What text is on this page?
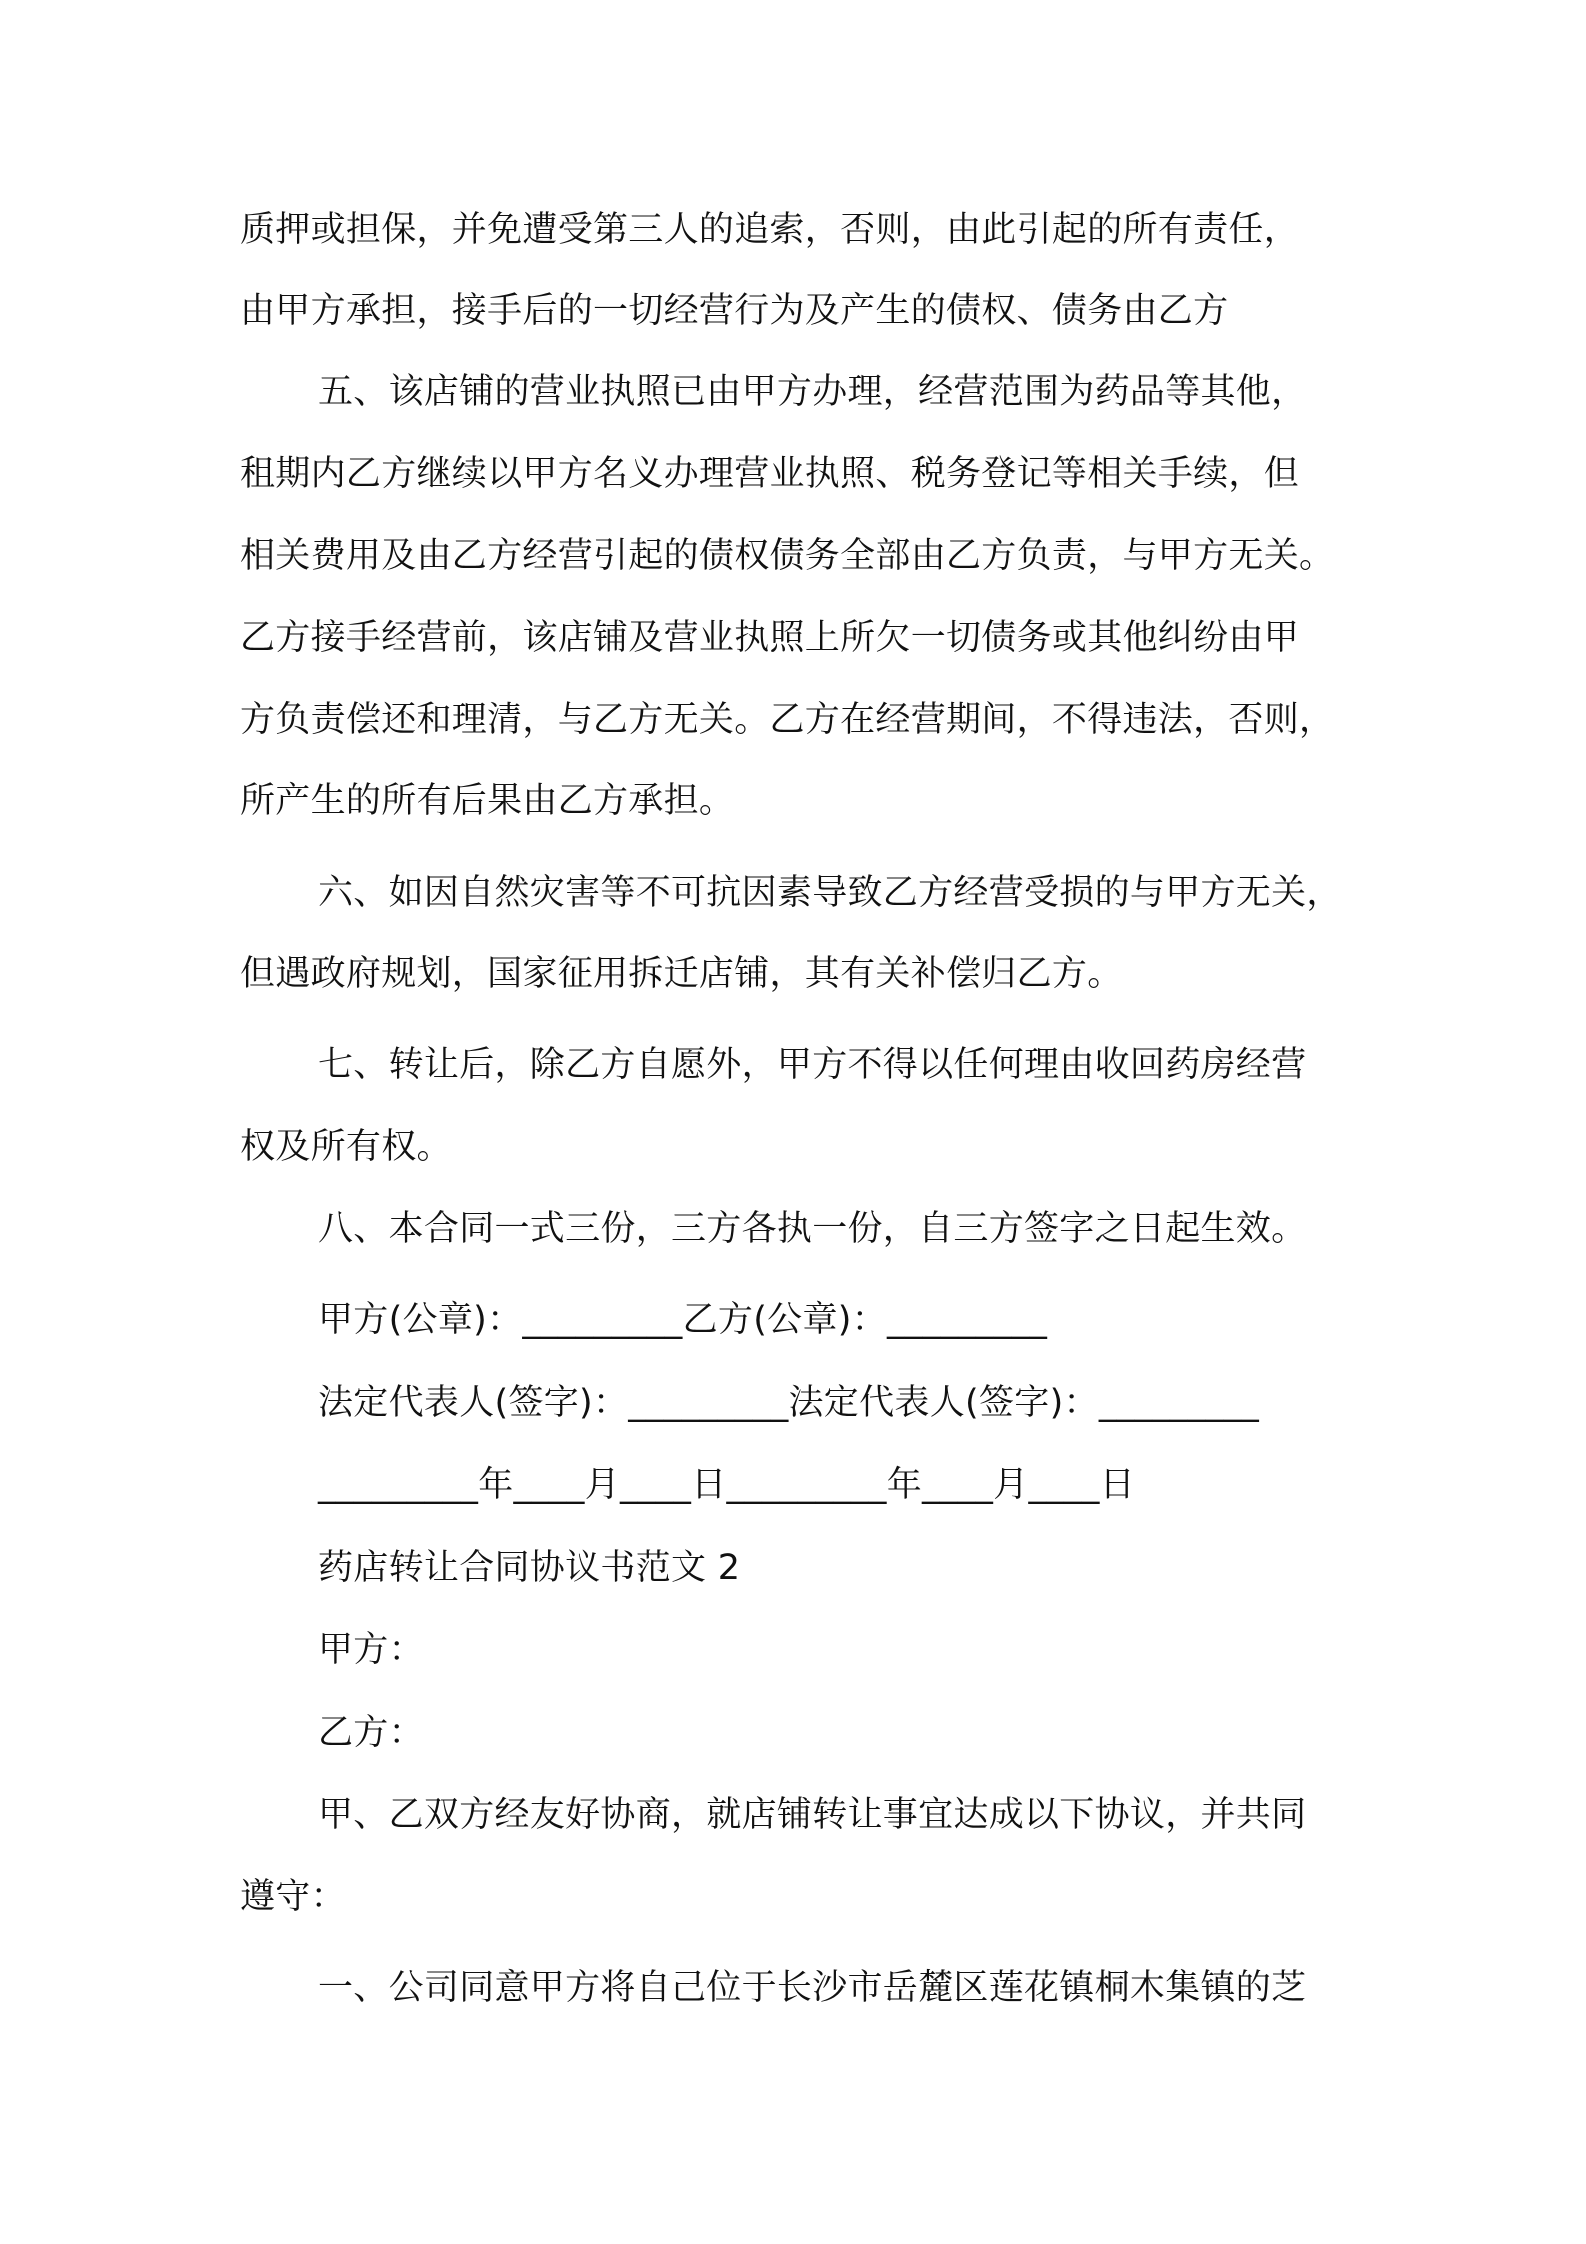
质押或担保，并免遭受第三人的追索，否则，由此引起的所有责任，
由甲方承担，接手后的一切经营行为及产生的债权、债务由乙方
五、该店铺的营业执照已由甲方办理，经营范围为药品等其他，
租期内乙方继续以甲方名义办理营业执照、税务登记等相关手续，但
相关费用及由乙方经营引起的债权债务全部由乙方负责，与甲方无关。
乙方接手经营前，该店铺及营业执照上所欠一切债务或其他纠纷由甲
方负责偿还和理清，与乙方无关。乙方在经营期间，不得违法，否则，
所产生的所有后果由乙方承担。
六、如因自然灾害等不可抗因素导致乙方经营受损的与甲方无关，
但遇政府规划，国家征用拆迁店铺，其有关补偿归乙方。
七、转让后，除乙方自愿外，甲方不得以任何理由收回药房经营
权及所有权。
八、本合同一式三份，三方各执一份，自三方签字之日起生效。
甲方(公章)：_________乙方(公章)：_________
法定代表人(签字)：_________法定代表人(签字)：_________
_________年____月____日_________年____月____日
药店转让合同协议书范文 2
甲方：
乙方：
甲、乙双方经友好协商，就店铺转让事宜达成以下协议，并共同
遵守：
一、公司同意甲方将自己位于长沙市岳麓区莲花镇桐木集镇的芝
